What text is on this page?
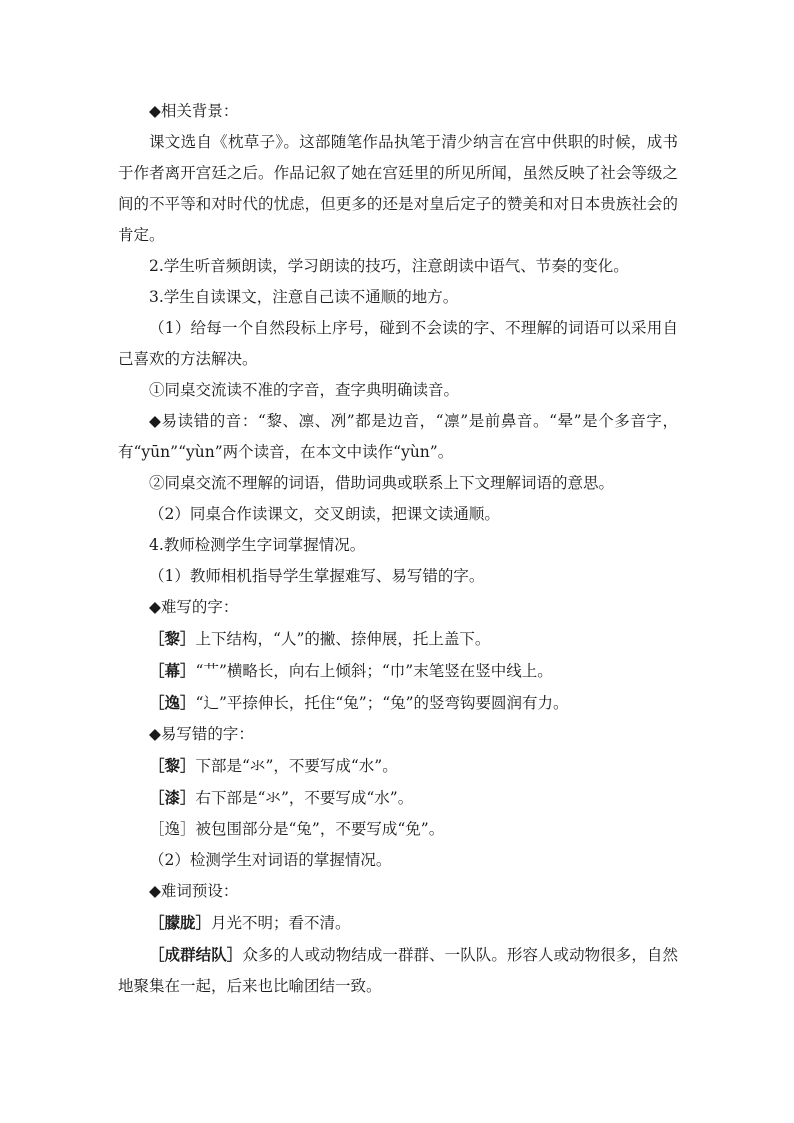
◆相关背景：

课文选自《枕草子》。这部随笔作品执笔于清少纳言在宫中供职的时候，成书于作者离开宫廷之后。作品记叙了她在宫廷里的所见所闻，虽然反映了社会等级之间的不平等和对时代的忧虑，但更多的还是对皇后定子的赞美和对日本贵族社会的肯定。

2.学生听音频朗读，学习朗读的技巧，注意朗读中语气、节奏的变化。

3.学生自读课文，注意自己读不通顺的地方。

（1）给每一个自然段标上序号，碰到不会读的字、不理解的词语可以采用自己喜欢的方法解决。

①同桌交流读不准的字音，查字典明确读音。

◆易读错的音：“黎、凛、冽”都是边音，“凛”是前鼻音。“晕”是个多音字，有“yūn”“yùn”两个读音，在本文中读作“yùn”。

②同桌交流不理解的词语，借助词典或联系上下文理解词语的意思。

（2）同桌合作读课文，交叉朗读，把课文读通顺。

4.教师检测学生字词掌握情况。

（1）教师相机指导学生掌握难写、易写错的字。

◆难写的字：

［黎］上下结构，“人”的撇、捺伸展，托上盖下。

［幕］“艹”横略长，向右上倾斜；“巾”末笔竖在竖中线上。

［逸］“辶”平捺伸长，托住“兔”；“兔”的竖弯钩要圆润有力。

◆易写错的字：

［黎］下部是“氺”，不要写成“水”。

［漆］右下部是“氺”，不要写成“水”。

［逸］被包围部分是“兔”，不要写成“免”。

（2）检测学生对词语的掌握情况。

◆难词预设：

［朦胧］月光不明；看不清。

［成群结队］众多的人或动物结成一群群、一队队。形容人或动物很多，自然地聚集在一起，后来也比喻团结一致。
